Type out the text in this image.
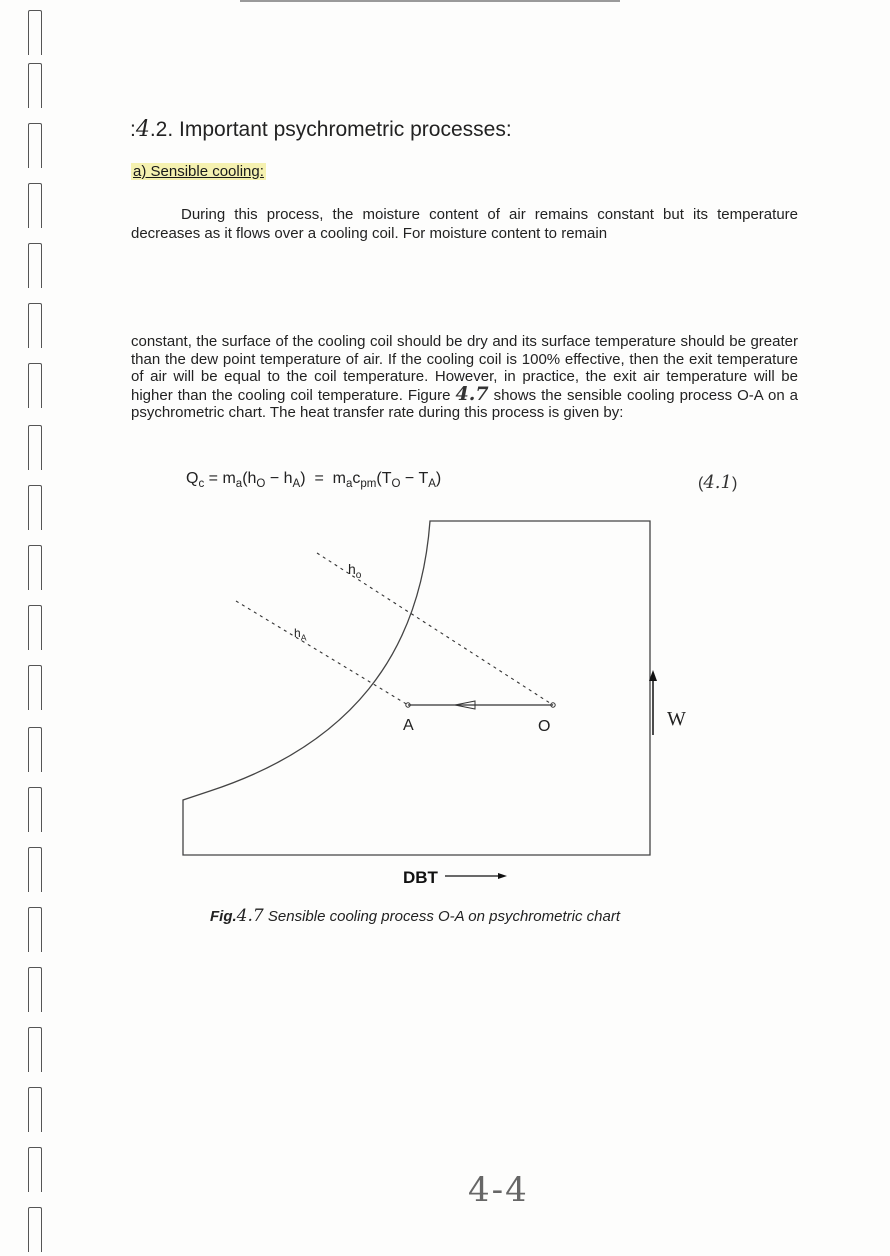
:4.2. Important psychrometric processes:
a) Sensible cooling:

During this process, the moisture content of air remains constant but its temperature decreases as it flows over a cooling coil. For moisture content to remain

constant, the surface of the cooling coil should be dry and its surface temperature should be greater than the dew point temperature of air. If the cooling coil is 100% effective, then the exit temperature of air will be equal to the coil temperature. However, in practice, the exit air temperature will be higher than the cooling coil temperature. Figure 4.7 shows the sensible cooling process O-A on a psychrometric chart. The heat transfer rate during this process is given by:

$Q_c = m_a(h_O - h_A) = m_ac_{pm}(T_O - T_A)$	(4.1)
$h_o$
$h_A$
A	O	W
DBT
Fig.4.7 Sensible cooling process O-A on psychrometric chart
4-4
